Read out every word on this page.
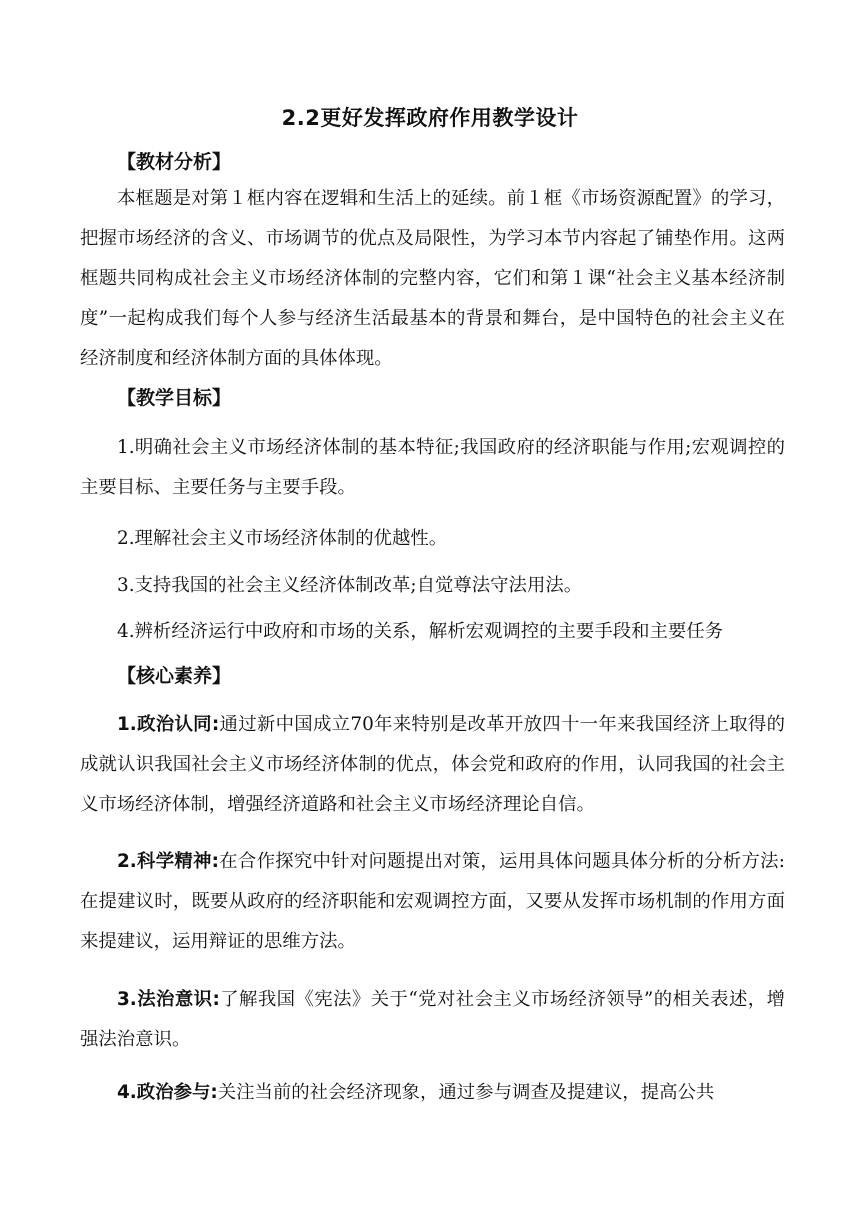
2.2更好发挥政府作用教学设计
【教材分析】
本框题是对第１框内容在逻辑和生活上的延续。前１框《市场资源配置》的学习，把握市场经济的含义、市场调节的优点及局限性，为学习本节内容起了铺垫作用。这两框题共同构成社会主义市场经济体制的完整内容，它们和第１课“社会主义基本经济制度”一起构成我们每个人参与经济生活最基本的背景和舞台，是中国特色的社会主义在经济制度和经济体制方面的具体体现。
【教学目标】
1.明确社会主义市场经济体制的基本特征;我国政府的经济职能与作用;宏观调控的主要目标、主要任务与主要手段。
2.理解社会主义市场经济体制的优越性。
3.支持我国的社会主义经济体制改革;自觉尊法守法用法。
4.辨析经济运行中政府和市场的关系，解析宏观调控的主要手段和主要任务
【核心素养】
1.政治认同:通过新中国成立70年来特别是改革开放四十一年来我国经济上取得的成就认识我国社会主义市场经济体制的优点，体会党和政府的作用，认同我国的社会主义市场经济体制，增强经济道路和社会主义市场经济理论自信。
2.科学精神:在合作探究中针对问题提出对策，运用具体问题具体分析的分析方法:在提建议时，既要从政府的经济职能和宏观调控方面，又要从发挥市场机制的作用方面来提建议，运用辩证的思维方法。
3.法治意识:了解我国《宪法》关于“党对社会主义市场经济领导”的相关表述，增强法治意识。
4.政治参与:关注当前的社会经济现象，通过参与调查及提建议，提高公共
